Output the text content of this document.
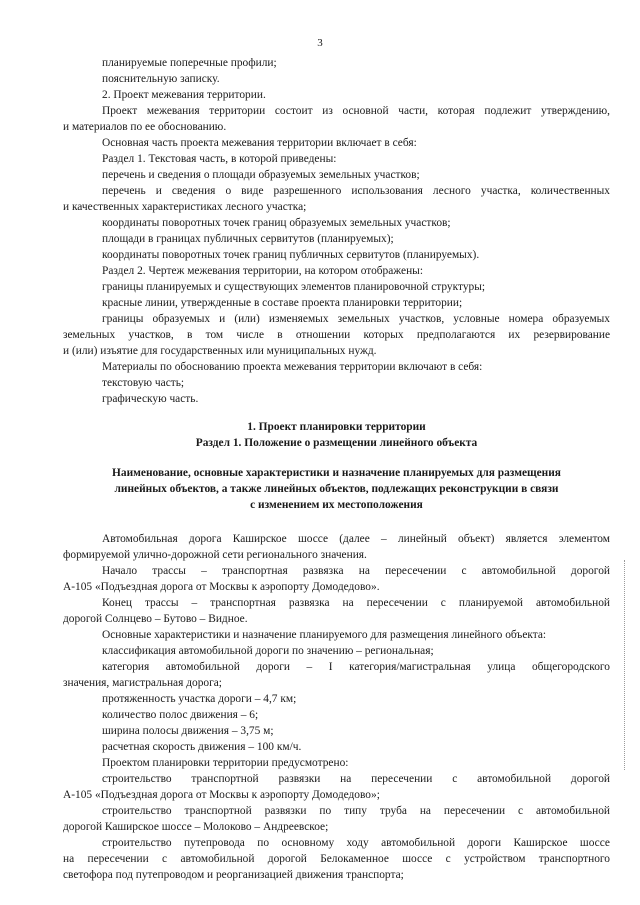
3
планируемые поперечные профили;
пояснительную записку.
2. Проект межевания территории.
Проект межевания территории состоит из основной части, которая подлежит утверждению,
и материалов по ее обоснованию.
Основная часть проекта межевания территории включает в себя:
Раздел 1. Текстовая часть, в которой приведены:
перечень и сведения о площади образуемых земельных участков;
перечень и сведения о виде разрешенного использования лесного участка, количественных
и качественных характеристиках лесного участка;
координаты поворотных точек границ образуемых земельных участков;
площади в границах публичных сервитутов (планируемых);
координаты поворотных точек границ публичных сервитутов (планируемых).
Раздел 2. Чертеж межевания территории, на котором отображены:
границы планируемых и существующих элементов планировочной структуры;
красные линии, утвержденные в составе проекта планировки территории;
границы образуемых и (или) изменяемых земельных участков, условные номера образуемых
земельных участков, в том числе в отношении которых предполагаются их резервирование
и (или) изъятие для государственных или муниципальных нужд.
Материалы по обоснованию проекта межевания территории включают в себя:
текстовую часть;
графическую часть.
1. Проект планировки территории
Раздел 1. Положение о размещении линейного объекта
Наименование, основные характеристики и назначение планируемых для размещения
линейных объектов, а также линейных объектов, подлежащих реконструкции в связи
с изменением их местоположения
Автомобильная дорога Каширское шоссе (далее – линейный объект) является элементом
формируемой улично-дорожной сети регионального значения.
Начало трассы – транспортная развязка на пересечении с автомобильной дорогой
А-105 «Подъездная дорога от Москвы к аэропорту Домодедово».
Конец трассы – транспортная развязка на пересечении с планируемой автомобильной
дорогой Солнцево – Бутово – Видное.
Основные характеристики и назначение планируемого для размещения линейного объекта:
классификация автомобильной дороги по значению – региональная;
категория автомобильной дороги – I категория/магистральная улица общегородского
значения, магистральная дорога;
протяженность участка дороги – 4,7 км;
количество полос движения – 6;
ширина полосы движения – 3,75 м;
расчетная скорость движения – 100 км/ч.
Проектом планировки территории предусмотрено:
строительство транспортной развязки на пересечении с автомобильной дорогой
А-105 «Подъездная дорога от Москвы к аэропорту Домодедово»;
строительство транспортной развязки по типу труба на пересечении с автомобильной
дорогой Каширское шоссе – Молоково – Андреевское;
строительство путепровода по основному ходу автомобильной дороги Каширское шоссе
на пересечении с автомобильной дорогой Белокаменное шоссе с устройством транспортного
светофора под путепроводом и реорганизацией движения транспорта;
